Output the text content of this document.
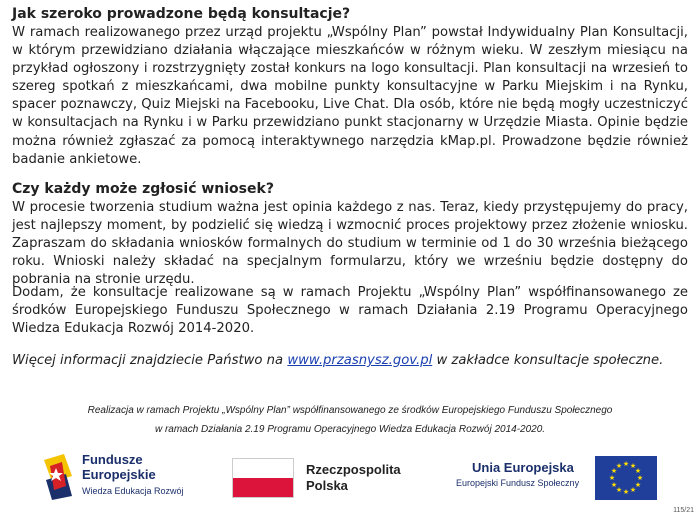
Jak szeroko prowadzone będą konsultacje?

W ramach realizowanego przez urząd projektu „Wspólny Plan” powstał Indywidualny Plan Konsultacji, w którym przewidziano działania włączające mieszkańców w różnym wieku. W zeszłym miesiącu na przykład ogłoszony i rozstrzygnięty został konkurs na logo konsultacji. Plan konsultacji na wrzesień to szereg spotkań z mieszkańcami, dwa mobilne punkty konsultacyjne w Parku Miejskim i na Rynku, spacer poznawczy, Quiz Miejski na Facebooku, Live Chat. Dla osób, które nie będą mogły uczestniczyć w konsultacjach na Rynku i w Parku przewidziano punkt stacjonarny w Urzędzie Miasta. Opinie będzie można również zgłaszać za pomocą interaktywnego narzędzia kMap.pl. Prowadzone będzie również badanie ankietowe.

Czy każdy może zgłosić wniosek?

W procesie tworzenia studium ważna jest opinia każdego z nas. Teraz, kiedy przystępujemy do pracy, jest najlepszy moment, by podzielić się wiedzą i wzmocnić proces projektowy przez złożenie wniosku. Zapraszam do składania wniosków formalnych do studium w terminie od 1 do 30 września bieżącego roku. Wnioski należy składać na specjalnym formularzu, który we wrześniu będzie dostępny do pobrania na stronie urzędu.

Dodam, że konsultacje realizowane są w ramach Projektu „Wspólny Plan” współfinansowanego ze środków Europejskiego Funduszu Społecznego w ramach Działania 2.19 Programu Operacyjnego Wiedza Edukacja Rozwój 2014-2020.

Więcej informacji znajdziecie Państwo na www.przasnysz.gov.pl w zakładce konsultacje społeczne.

Realizacja w ramach Projektu „Wspólny Plan” współfinansowanego ze środków Europejskiego Funduszu Społecznego

w ramach Działania 2.19 Programu Operacyjnego Wiedza Edukacja Rozwój 2014-2020.

Fundusze
Europejskie
Wiedza Edukacja Rozwój
Rzeczpospolita
Polska
Unia Europejska
Europejski Fundusz Społeczny
★ ★
★
★
★
★
★
★
★
★
★
★
115/21
